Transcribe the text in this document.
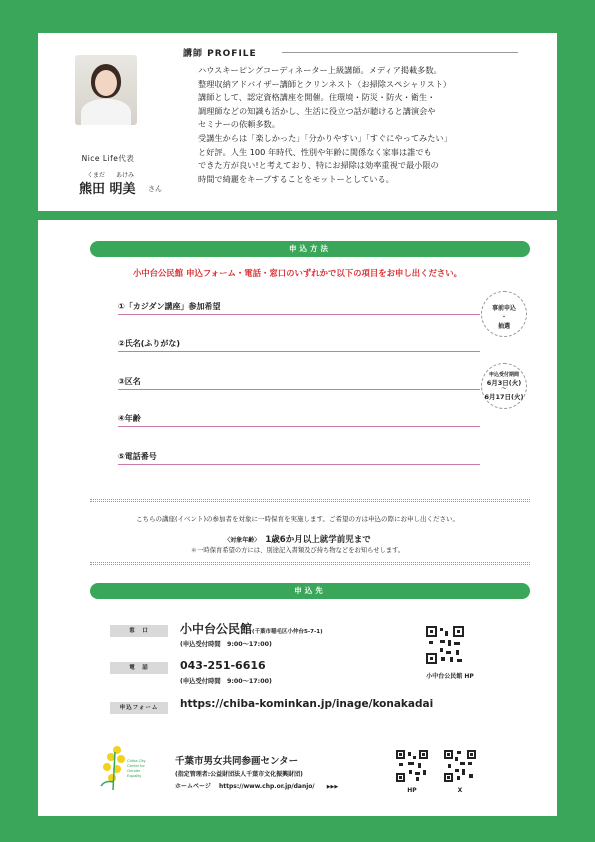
Nice Life代表
くまだ あけみ
熊田 明美 さん
講師 PROFILE
ハウスキーピングコーディネーター上級講師。メディア掲載多数。
整理収納アドバイザー講師とクリンネスト（お掃除スペシャリスト）
講師として、認定資格講座を開催。住環境・防災・防火・衛生・
調理師などの知識も活かし、生活に役立つ話が聴けると講演会や
セミナーの依頼多数。
受講生からは「楽しかった」「分かりやすい」「すぐにやってみたい」
と好評。人生 100 年時代、性別や年齢に関係なく家事は誰でも
できた方が良い!と考えており、特にお掃除は効率重視で最小限の
時間で綺麗をキープすることをモットーとしている。
申込方法
小中台公民館 申込フォーム・電話・窓口のいずれかで以下の項目をお申し出ください。
①「カジダン講座」参加希望
②氏名(ふりがな)
③区名
④年齢
⑤電話番号
事前申込
・
抽選
申込受付期間
6月3日(火)
〜
6月17日(火)
こちらの講座(イベント)の参加者を対象に一時保育を実施します。ご希望の方は申込の際にお申し出ください。
〈対象年齢〉 1歳6か月以上就学前児まで
＊一時保育希望の方には、別途記入書類及び持ち物などをお知らせします。
申込先
窓　口	小中台公民館(千葉市稲毛区小仲台5-7-1)
(申込受付時間　9:00〜17:00)
電　話	043-251-6616
(申込受付時間　9:00〜17:00)
申込フォーム	https://chiba-kominkan.jp/inage/konakadai
小中台公民館 HP
Chiba City
Center for
Gender
Equality
千葉市男女共同参画センター
(指定管理者:公益財団法人千葉市文化振興財団)
ホームページ https://www.chp.or.jp/danjo/ ▶▶▶	HP	X
